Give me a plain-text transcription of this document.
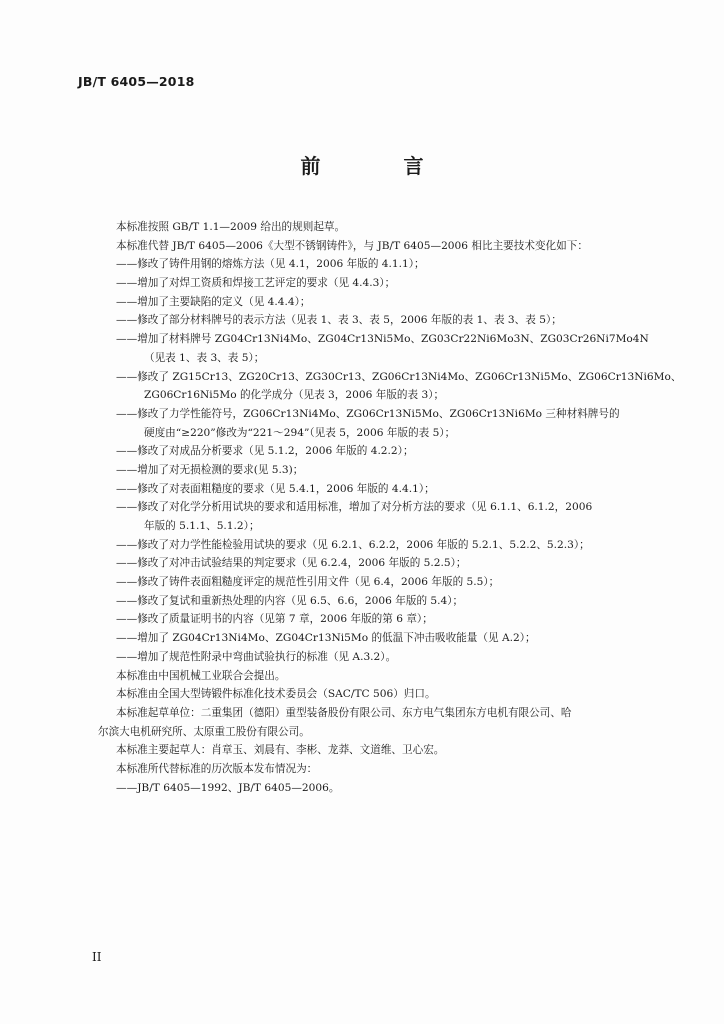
JB/T 6405—2018
前 言
本标准按照 GB/T 1.1—2009 给出的规则起草。
本标准代替 JB/T 6405—2006《大型不锈钢铸件》，与 JB/T 6405—2006 相比主要技术变化如下：
——修改了铸件用钢的熔炼方法（见 4.1，2006 年版的 4.1.1）；
——增加了对焊工资质和焊接工艺评定的要求（见 4.4.3）；
——增加了主要缺陷的定义（见 4.4.4）；
——修改了部分材料牌号的表示方法（见表 1、表 3、表 5，2006 年版的表 1、表 3、表 5）；
——增加了材料牌号 ZG04Cr13Ni4Mo、ZG04Cr13Ni5Mo、ZG03Cr22Ni6Mo3N、ZG03Cr26Ni7Mo4N
（见表 1、表 3、表 5）；
——修改了 ZG15Cr13、ZG20Cr13、ZG30Cr13、ZG06Cr13Ni4Mo、ZG06Cr13Ni5Mo、ZG06Cr13Ni6Mo、
ZG06Cr16Ni5Mo 的化学成分（见表 3，2006 年版的表 3）；
——修改了力学性能符号，ZG06Cr13Ni4Mo、ZG06Cr13Ni5Mo、ZG06Cr13Ni6Mo 三种材料牌号的
硬度由“≥220”修改为“221～294”（见表 5，2006 年版的表 5）；
——修改了对成品分析要求（见 5.1.2，2006 年版的 4.2.2）；
——增加了对无损检测的要求(见 5.3)；
——修改了对表面粗糙度的要求（见 5.4.1，2006 年版的 4.4.1）；
——修改了对化学分析用试块的要求和适用标准，增加了对分析方法的要求（见 6.1.1、6.1.2，2006
年版的 5.1.1、5.1.2）；
——修改了对力学性能检验用试块的要求（见 6.2.1、6.2.2，2006 年版的 5.2.1、5.2.2、5.2.3）；
——修改了对冲击试验结果的判定要求（见 6.2.4，2006 年版的 5.2.5）；
——修改了铸件表面粗糙度评定的规范性引用文件（见 6.4，2006 年版的 5.5）；
——修改了复试和重新热处理的内容（见 6.5、6.6，2006 年版的 5.4）；
——修改了质量证明书的内容（见第 7 章，2006 年版的第 6 章）；
——增加了 ZG04Cr13Ni4Mo、ZG04Cr13Ni5Mo 的低温下冲击吸收能量（见 A.2）；
——增加了规范性附录中弯曲试验执行的标准（见 A.3.2）。
本标准由中国机械工业联合会提出。
本标准由全国大型铸锻件标准化技术委员会（SAC/TC 506）归口。
本标准起草单位：二重集团（德阳）重型装备股份有限公司、东方电气集团东方电机有限公司、哈
尔滨大电机研究所、太原重工股份有限公司。
本标准主要起草人：肖章玉、刘晨有、李彬、龙莽、文道维、卫心宏。
本标准所代替标准的历次版本发布情况为：
——JB/T 6405—1992、JB/T 6405—2006。
II
